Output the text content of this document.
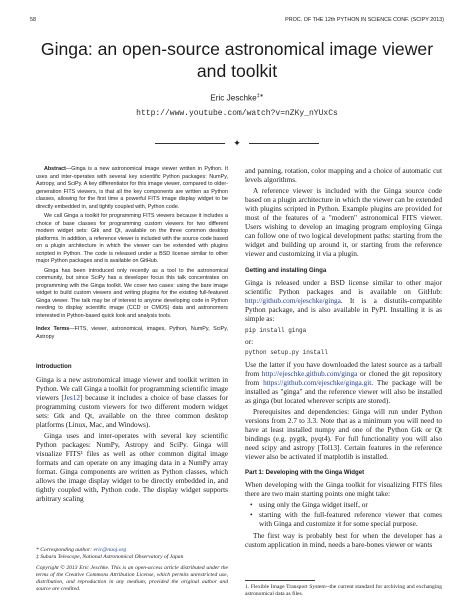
58	PROC. OF THE 12th PYTHON IN SCIENCE CONF. (SCIPY 2013)
Ginga: an open-source astronomical image viewer
and toolkit
Eric Jeschke‡∗
http://www.youtube.com/watch?v=nZKy_nYUxCs
✦

Abstract—Ginga is a new astronomical image viewer written in Python. It uses and inter-operates with several key scientific Python packages: NumPy, Astropy, and SciPy. A key differentiator for this image viewer, compared to older-generation FITS viewers, is that all the key components are written as Python classes, allowing for the first time a powerful FITS image display widget to be directly embedded in, and tightly coupled with, Python code.

We call Ginga a toolkit for programming FITS viewers because it includes a choice of base classes for programming custom viewers for two different modern widget sets: Gtk and Qt, available on the three common desktop platforms. In addition, a reference viewer is included with the source code based on a plugin architecture in which the viewer can be extended with plugins scripted in Python. The code is released under a BSD license similar to other major Python packages and is available on GitHub.

Ginga has been introduced only recently as a tool to the astronomical community, but since SciPy has a developer focus this talk concentrates on programming with the Ginga toolkit. We cover two cases: using the bare image widget to build custom viewers and writing plugins for the existing full-featured Ginga viewer. The talk may be of interest to anyone developing code in Python needing to display scientific image (CCD or CMOS) data and astronomers interested in Python-based quick look and analysis tools.

Index Terms—FITS, viewer, astronomical, images, Python, NumPy, SciPy, Astropy

Introduction

Ginga is a new astronomical image viewer and toolkit written in Python. We call Ginga a toolkit for programming scientific image viewers [Jes12] because it includes a choice of base classes for programming custom viewers for two different modern widget sets: Gtk and Qt, available on the three common desktop platforms (Linux, Mac, and Windows).

Ginga uses and inter-operates with several key scientific Python packages: NumPy, Astropy and SciPy. Ginga will visualize FITS¹ files as well as other common digital image formats and can operate on any imaging data in a NumPy array format. Ginga components are written as Python classes, which allows the image display widget to be directly embedded in, and tightly coupled with, Python code. The display widget supports arbitrary scaling

* Corresponding author: eric@naoj.org

‡ Subaru Telescope, National Astronomical Observatory of Japan

Copyright © 2013 Eric Jeschke. This is an open-access article distributed under the terms of the Creative Commons Attribution License, which permits unrestricted use, distribution, and reproduction in any medium, provided the original author and source are credited.

and panning, rotation, color mapping and a choice of automatic cut levels algorithms.

A reference viewer is included with the Ginga source code based on a plugin architecture in which the viewer can be extended with plugins scripted in Python. Example plugins are provided for most of the features of a "modern" astronomical FITS viewer. Users wishing to develop an imaging program employing Ginga can follow one of two logical development paths: starting from the widget and building up around it, or starting from the reference viewer and customizing it via a plugin.

Getting and installing Ginga

Ginga is released under a BSD license similar to other major scientific Python packages and is available on GitHub: http://github.com/ejeschke/ginga. It is a distutils-compatible Python package, and is also available in PyPI. Installing it is as simple as:

pip install ginga

or:

python setup.py install

Use the latter if you have downloaded the latest source as a tarball from http://ejeschke.github.com/ginga or cloned the git repository from https://github.com/ejeschke/ginga.git. The package will be installed as "ginga" and the reference viewer will also be installed as ginga (but located wherever scripts are stored).

Prerequisites and dependencies: Ginga will run under Python versions from 2.7 to 3.3. Note that as a minimum you will need to have at least installed numpy and one of the Python Gtk or Qt bindings (e.g. pygtk, pyqt4). For full functionality you will also need scipy and astropy [Tol13]. Certain features in the reference viewer also be activated if matplotlib is installed.

Part 1: Developing with the Ginga Widget

When developing with the Ginga toolkit for visualizing FITS files there are two main starting points one might take:

• using only the Ginga widget itself, or

• starting with the full-featured reference viewer that comes with Ginga and customize it for some special purpose.

The first way is probably best for when the developer has a custom application in mind, needs a bare-bones viewer or wants

1. Flexible Image Transport System--the current standard for archiving and exchanging astronomical data as files.
